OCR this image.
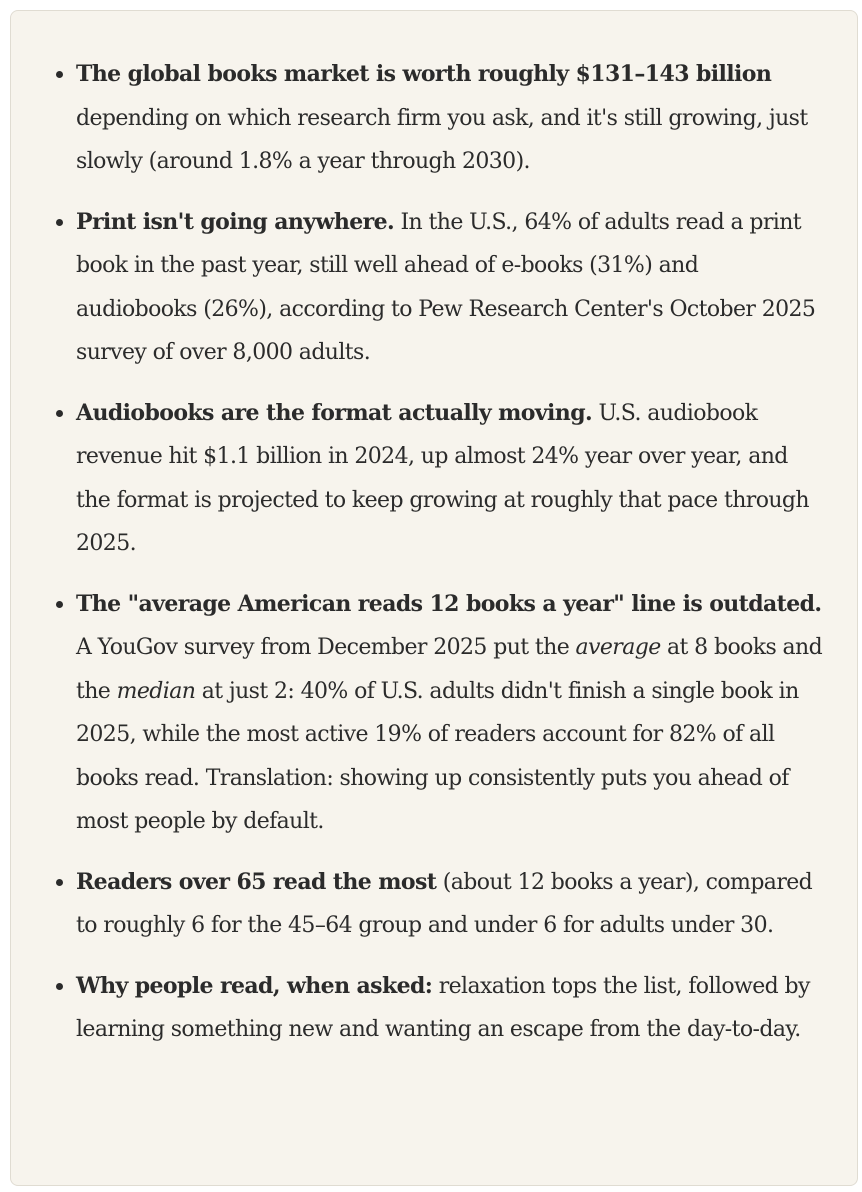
The global books market is worth roughly $131–143 billion depending on which research firm you ask, and it's still growing, just slowly (around 1.8% a year through 2030).
Print isn't going anywhere. In the U.S., 64% of adults read a print book in the past year, still well ahead of e-books (31%) and audiobooks (26%), according to Pew Research Center's October 2025 survey of over 8,000 adults.
Audiobooks are the format actually moving. U.S. audiobook revenue hit $1.1 billion in 2024, up almost 24% year over year, and the format is projected to keep growing at roughly that pace through 2025.
The "average American reads 12 books a year" line is outdated. A YouGov survey from December 2025 put the average at 8 books and the median at just 2: 40% of U.S. adults didn't finish a single book in 2025, while the most active 19% of readers account for 82% of all books read. Translation: showing up consistently puts you ahead of most people by default.
Readers over 65 read the most (about 12 books a year), compared to roughly 6 for the 45–64 group and under 6 for adults under 30.
Why people read, when asked: relaxation tops the list, followed by learning something new and wanting an escape from the day-to-day.
